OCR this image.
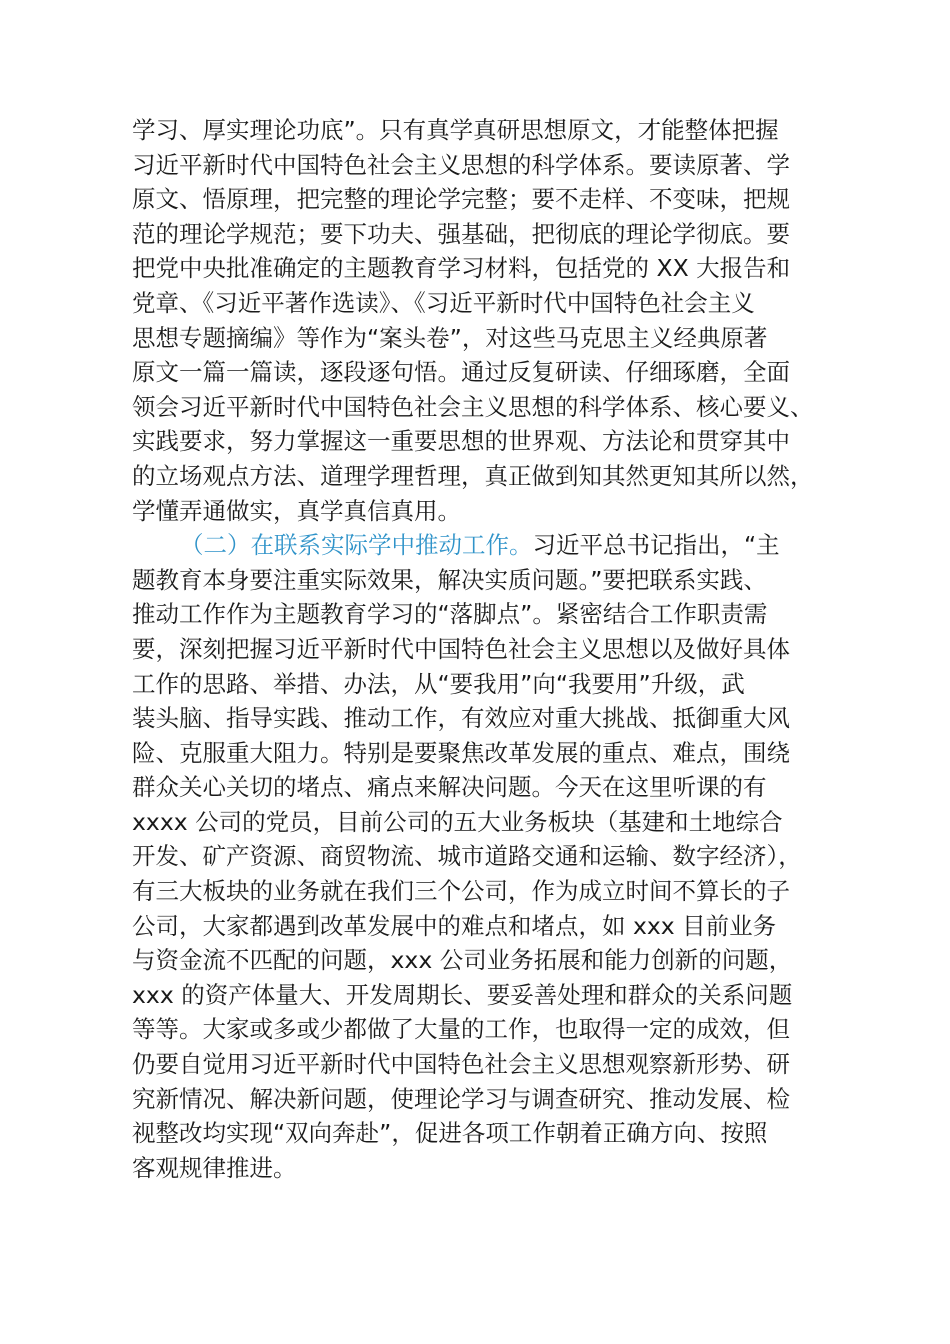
学习、厚实理论功底”。只有真学真研思想原文，才能整体把握
习近平新时代中国特色社会主义思想的科学体系。要读原著、学
原文、悟原理，把完整的理论学完整；要不走样、不变味，把规
范的理论学规范；要下功夫、强基础，把彻底的理论学彻底。要
把党中央批准确定的主题教育学习材料，包括党的 XX 大报告和
党章、《习近平著作选读》、《习近平新时代中国特色社会主义
思想专题摘编》等作为“案头卷”，对这些马克思主义经典原著
原文一篇一篇读，逐段逐句悟。通过反复研读、仔细琢磨，全面
领会习近平新时代中国特色社会主义思想的科学体系、核心要义、
实践要求，努力掌握这一重要思想的世界观、方法论和贯穿其中
的立场观点方法、道理学理哲理，真正做到知其然更知其所以然，
学懂弄通做实，真学真信真用。
（二）在联系实际学中推动工作。习近平总书记指出，“主
题教育本身要注重实际效果，解决实质问题。”要把联系实践、
推动工作作为主题教育学习的“落脚点”。紧密结合工作职责需
要，深刻把握习近平新时代中国特色社会主义思想以及做好具体
工作的思路、举措、办法，从“要我用”向“我要用”升级，武
装头脑、指导实践、推动工作，有效应对重大挑战、抵御重大风
险、克服重大阻力。特别是要聚焦改革发展的重点、难点，围绕
群众关心关切的堵点、痛点来解决问题。今天在这里听课的有
xxxx 公司的党员，目前公司的五大业务板块（基建和土地综合
开发、矿产资源、商贸物流、城市道路交通和运输、数字经济），
有三大板块的业务就在我们三个公司，作为成立时间不算长的子
公司，大家都遇到改革发展中的难点和堵点，如 xxx 目前业务
与资金流不匹配的问题，xxx 公司业务拓展和能力创新的问题，
xxx 的资产体量大、开发周期长、要妥善处理和群众的关系问题
等等。大家或多或少都做了大量的工作，也取得一定的成效，但
仍要自觉用习近平新时代中国特色社会主义思想观察新形势、研
究新情况、解决新问题，使理论学习与调查研究、推动发展、检
视整改均实现“双向奔赴”，促进各项工作朝着正确方向、按照
客观规律推进。
